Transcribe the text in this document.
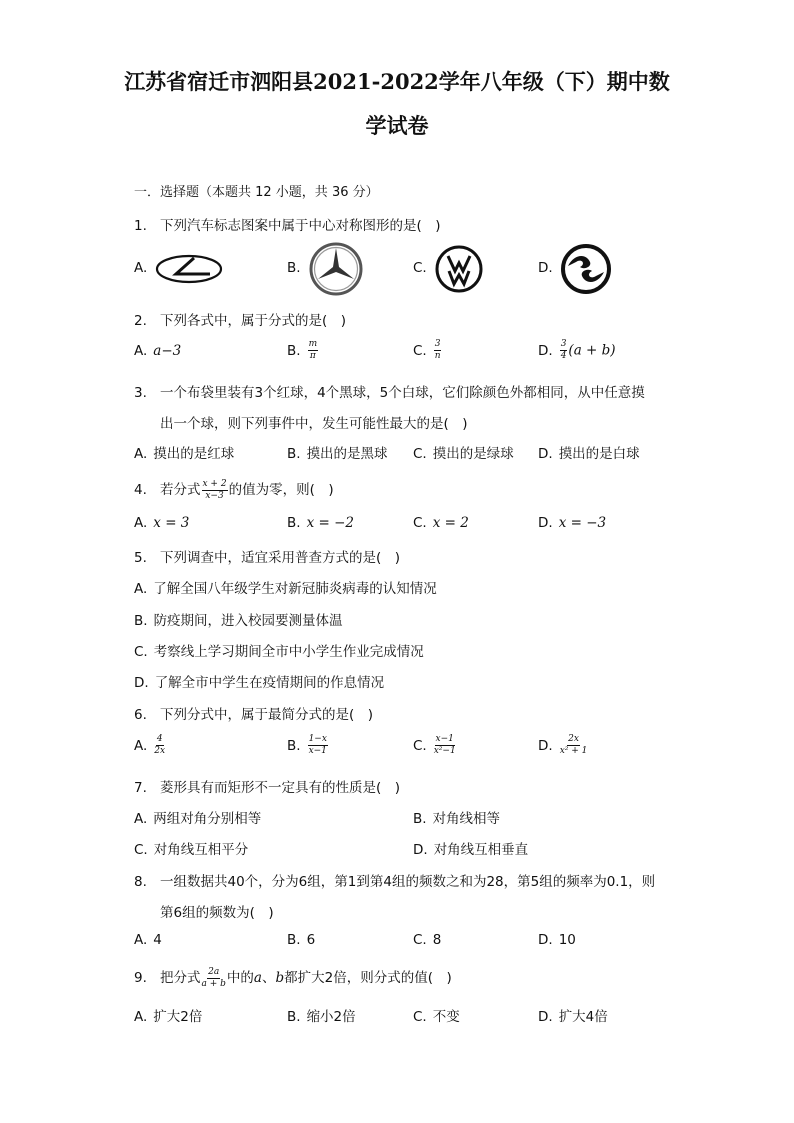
江苏省宿迁市泗阳县2021-2022学年八年级（下）期中数
学试卷
一．选择题（本题共 12 小题，共 36 分）
1. 下列汽车标志图案中属于中心对称图形的是(　)
A.	B.	C.	D.
2. 下列各式中，属于分式的是(　)
A. a−3	B. $\frac{m}{\pi}$	C. $\frac{3}{n}$	D. $\frac{3}{4} (a + b)$
3. 一个布袋里装有3个红球，4个黑球，5个白球，它们除颜色外都相同，从中任意摸
出一个球，则下列事件中，发生可能性最大的是(　)
A. 摸出的是红球	B. 摸出的是黑球 C. 摸出的是绿球 D. 摸出的是白球
4. 若分式 $\frac{x + 2}{x-3}$ 的值为零，则(　)
A. x = 3	B. x = −2	C. x = 2	D. x = −3
5. 下列调查中，适宜采用普查方式的是(　)
A. 了解全国八年级学生对新冠肺炎病毒的认知情况
B. 防疫期间，进入校园要测量体温
C. 考察线上学习期间全市中小学生作业完成情况
D. 了解全市中学生在疫情期间的作息情况
6. 下列分式中，属于最简分式的是(　)
A. $\frac{4}{2x}$	B. $\frac{1-x}{x-1}$	C. $\frac{x-1}{\text{x²−1}}$	D. $\frac{2x}{\text{x² + 1}}$
7. 菱形具有而矩形不一定具有的性质是(　)
A. 两组对角分别相等	B. 对角线相等
C. 对角线互相平分	D. 对角线互相垂直
8. 一组数据共40个，分为6组，第1到第4组的频数之和为28，第5组的频率为0.1，则
第6组的频数为(　)
A. 4	B. 6	C. 8	D. 10
9. 把分式 $\frac{2a}{a + b}$ 中的a、b都扩大2倍，则分式的值(　)
A. 扩大2倍	B. 缩小2倍	C. 不变	D. 扩大4倍
